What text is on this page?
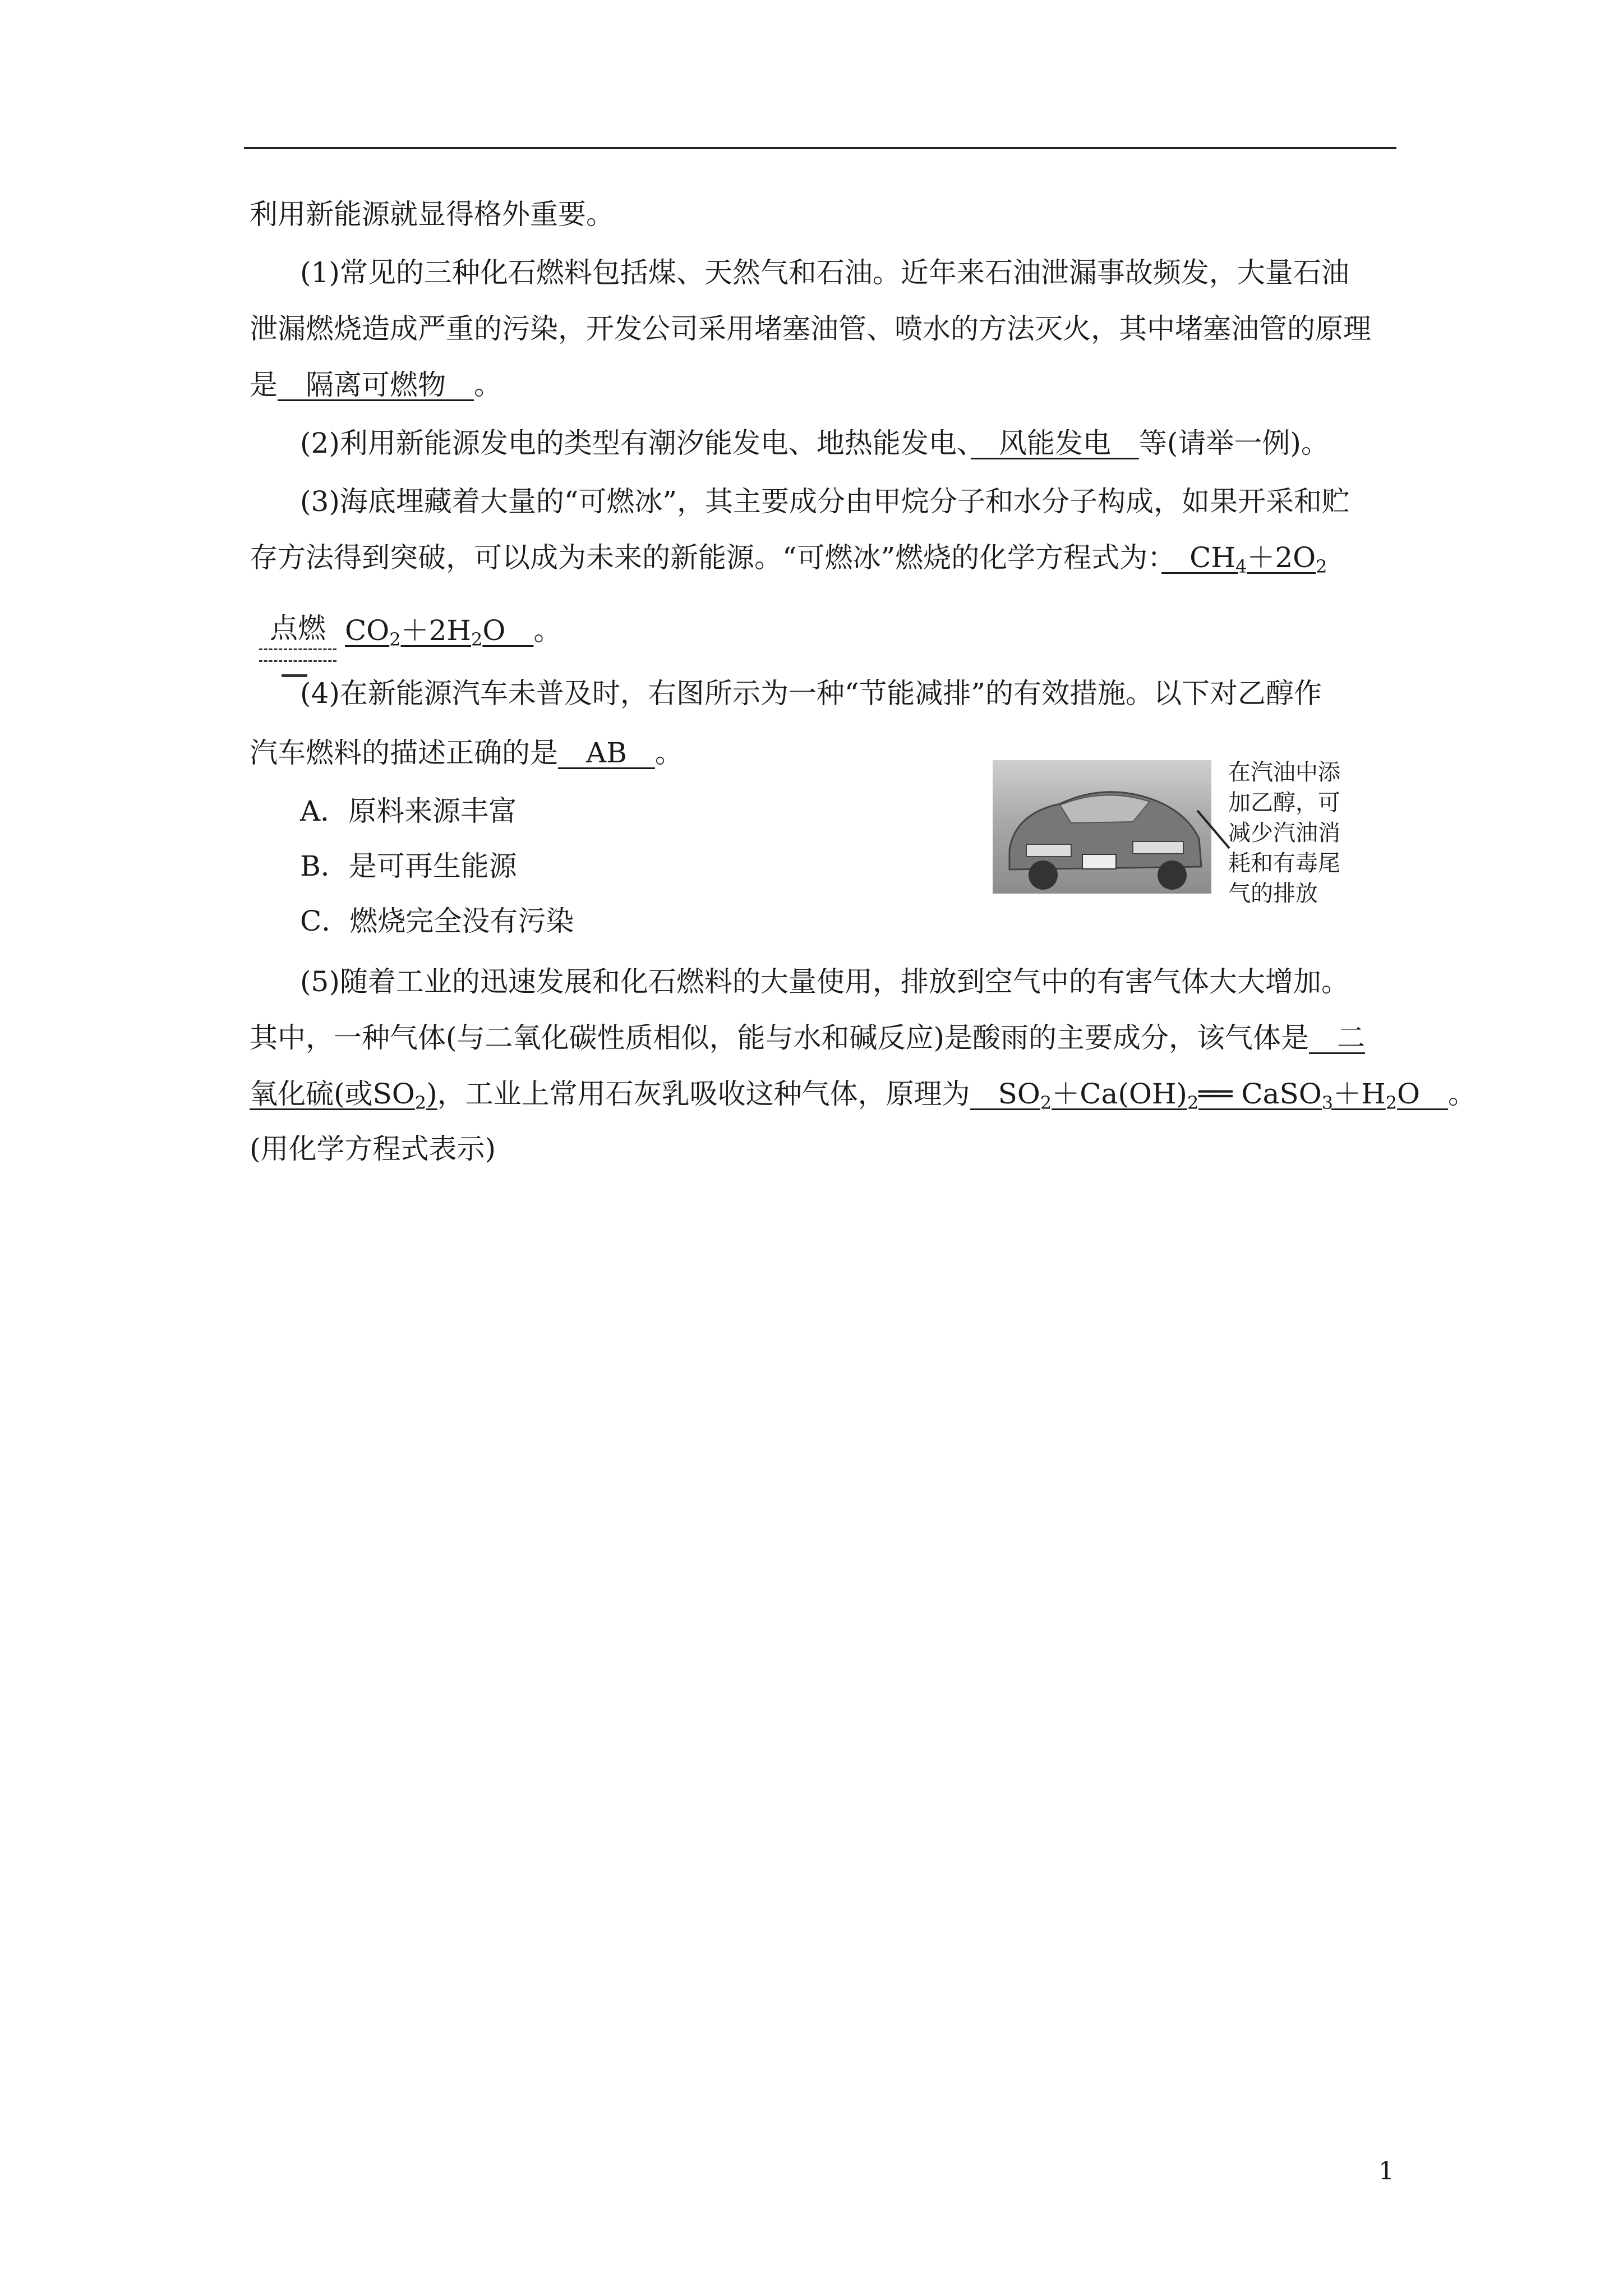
利用新能源就显得格外重要。
(1)常见的三种化石燃料包括煤、天然气和石油。近年来石油泄漏事故频发，大量石油
泄漏燃烧造成严重的污染，开发公司采用堵塞油管、喷水的方法灭火，其中堵塞油管的原理
是　隔离可燃物　。
(2)利用新能源发电的类型有潮汐能发电、地热能发电、　风能发电　等(请举一例)。
(3)海底埋藏着大量的“可燃冰”，其主要成分由甲烷分子和水分子构成，如果开采和贮
存方法得到突破，可以成为未来的新能源。“可燃冰”燃烧的化学方程式为：　$CH_4+2O_2$
点燃 $CO_2+2H_2O$　。
(4)在新能源汽车未普及时，右图所示为一种“节能减排”的有效措施。以下对乙醇作
汽车燃料的描述正确的是　AB　。
A．原料来源丰富
B．是可再生能源
C．燃烧完全没有污染
在汽油中添
加乙醇，可
减少汽油消
耗和有毒尾
气的排放
(5)随着工业的迅速发展和化石燃料的大量使用，排放到空气中的有害气体大大增加。
其中，一种气体(与二氧化碳性质相似，能与水和碱反应)是酸雨的主要成分，该气体是　二
氧化硫(或$SO_2$)，工业上常用石灰乳吸收这种气体，原理为　$SO_2+Ca(OH)_2══$ $CaSO_3+H_2O$　。
(用化学方程式表示)
1
